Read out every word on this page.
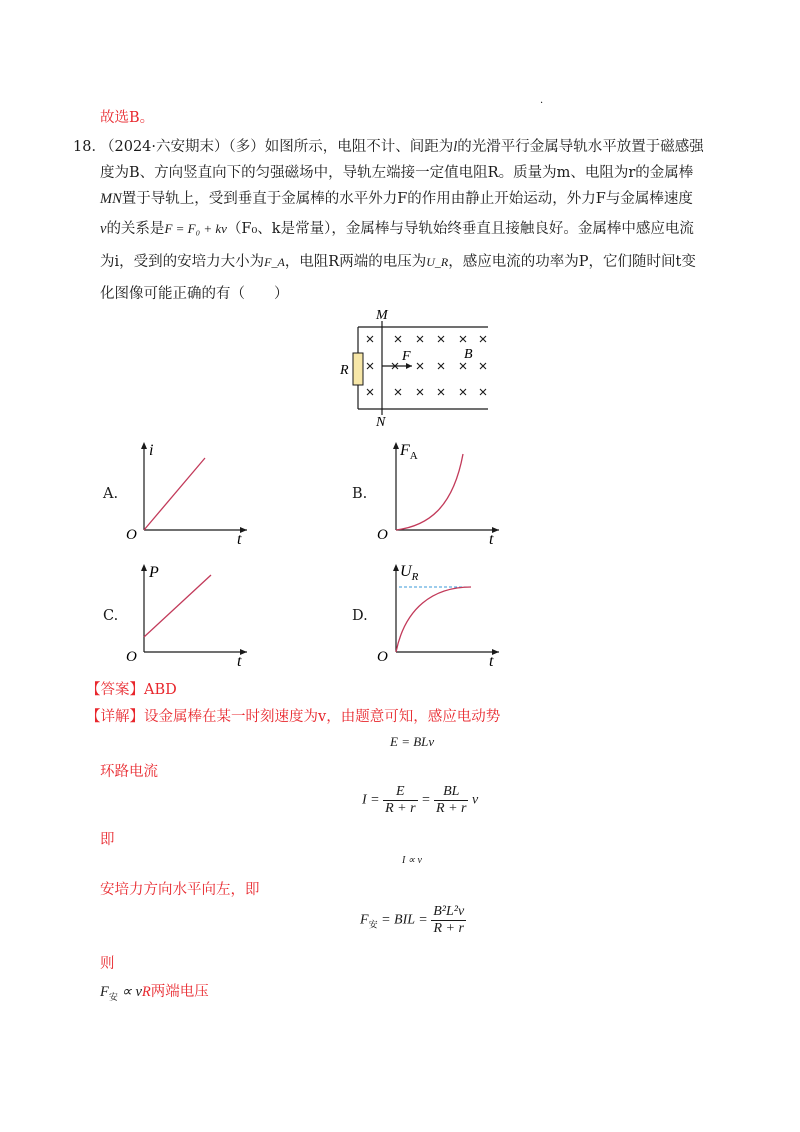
·
故选B。
18．
（2024·六安期末）（多）如图所示，电阻不计、间距为l的光滑平行金属导轨水平放置于磁感强
度为B、方向竖直向下的匀强磁场中，导轨左端接一定值电阻R。质量为m、电阻为r的金属棒
MN置于导轨上，受到垂直于金属棒的水平外力F的作用由静止开始运动，外力F与金属棒速度
v的关系是F = F₀ + kv（F₀、k是常量），金属棒与导轨始终垂直且接触良好。金属棒中感应电流
为i，受到的安培力大小为F_A，电阻R两端的电压为U_R，感应电流的功率为P，它们随时间t变
化图像可能正确的有（　　）
M
N
R
F	B
A.
i
O	t
B.
$F_A$
O	t
C.
P
O	t
D.
$U_R$
O	t
【答案】ABD
【详解】设金属棒在某一时刻速度为v，由题意可知，感应电动势
E = BLv
环路电流
$I = \frac{E}{R + r} = \frac{BL}{R + r}$ v
即
I ∝ v
安培力方向水平向左，即
$F_安$ = BIL = $\frac{\text{B²L²v}}{R + r}$
则
$F_安$ ∝ vR两端电压
